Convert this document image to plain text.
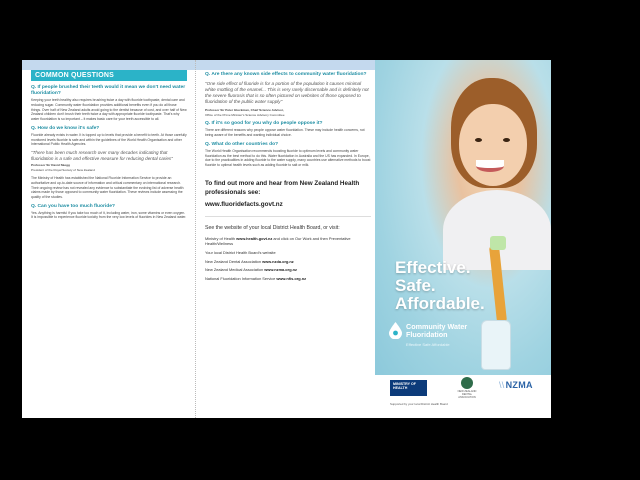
COMMON QUESTIONS
Q. If people brushed their teeth would it mean we don't need water fluoridation?
Keeping your teeth healthy also requires brushing twice a day with fluoride toothpaste, dental care and reducing sugar. Community water fluoridation provides additional benefits even if you do all those things. Over half of New Zealand adults avoid going to the dentist because of cost, and over half of New Zealand children don't brush their teeth twice a day with appropriate fluoride toothpaste. That's why water fluoridation is so important – it makes basic care for your teeth accessible to all.
Q. How do we know it's safe?
Fluoride already exists in water. It is topped up to levels that provide a benefit to teeth. At those carefully monitored levels fluoride is safe and within the guidelines of the World Health Organisation and other International Public Health Agencies.
"There has been much research over many decades indicating that fluoridation is a safe and effective measure for reducing dental caries"
Professor Sir David Skegg
President of the Royal Society of New Zealand
The Ministry of Health has established the National Fluoride Information Service to provide an authoritative and up-to-date source of information and critical commentary on international research. Their ongoing review has not revealed any evidence to substantiate the evolving list of adverse health claims made by those opposed to community water fluoridation. These reviews include assessing the quality of the studies.
Q. Can you have too much fluoride?
Yes. Anything is harmful if you take too much of it, including water, iron, some vitamins or even oxygen. It is impossible to experience fluoride toxicity from the very low levels of fluorides in New Zealand water.
Q. Are there any known side effects to community water fluoridation?
"One side effect of fluoride is for a portion of the population it causes minimal white mottling of the enamel... This is very rarely discernable and is definitely not the severe fluorosis that is so often pictured on websites of those opposed to fluoridation of the public water supply"
Professor Sir Peter Gluckman, Chief Science Advisor,
Office of the Prime Minister's Science Advisory Committee
Q. If it's so good for you why do people oppose it?
There are different reasons why people oppose water fluoridation. These may include health concerns, not being aware of the benefits and wanting individual choice.
Q. What do other countries do?
The World Health Organisation recommends boosting fluoride to optimum levels and community water fluoridation as the best method to do this. Water fluoridation in Australia and the US has expanded. In Europe, due to the practicalities in adding fluoride to the water supply, many countries use alternative methods to boost fluoride to optimal health levels such as adding fluoride to salt or milk.
To find out more and hear from New Zealand Health professionals see:
www.fluoridefacts.govt.nz
See the website of your local District Health Board, or visit:
Ministry of Health www.health.govt.nz and click on Our Work and then Preventative Health/Wellness
Your local District Health Board's website
New Zealand Dental Association www.nzda.org.nz
New Zealand Medical Association www.nzma.org.nz
National Fluoridation Information Service www.nfis.org.nz
Effective.
Safe.
Affordable.
Community Water
Fluoridation
Effective Safe Affordable
MINISTRY OF
HEALTH
NEW ZEALAND DENTAL ASSOCIATION
\\NZMA
Supported by your local District Health Board
